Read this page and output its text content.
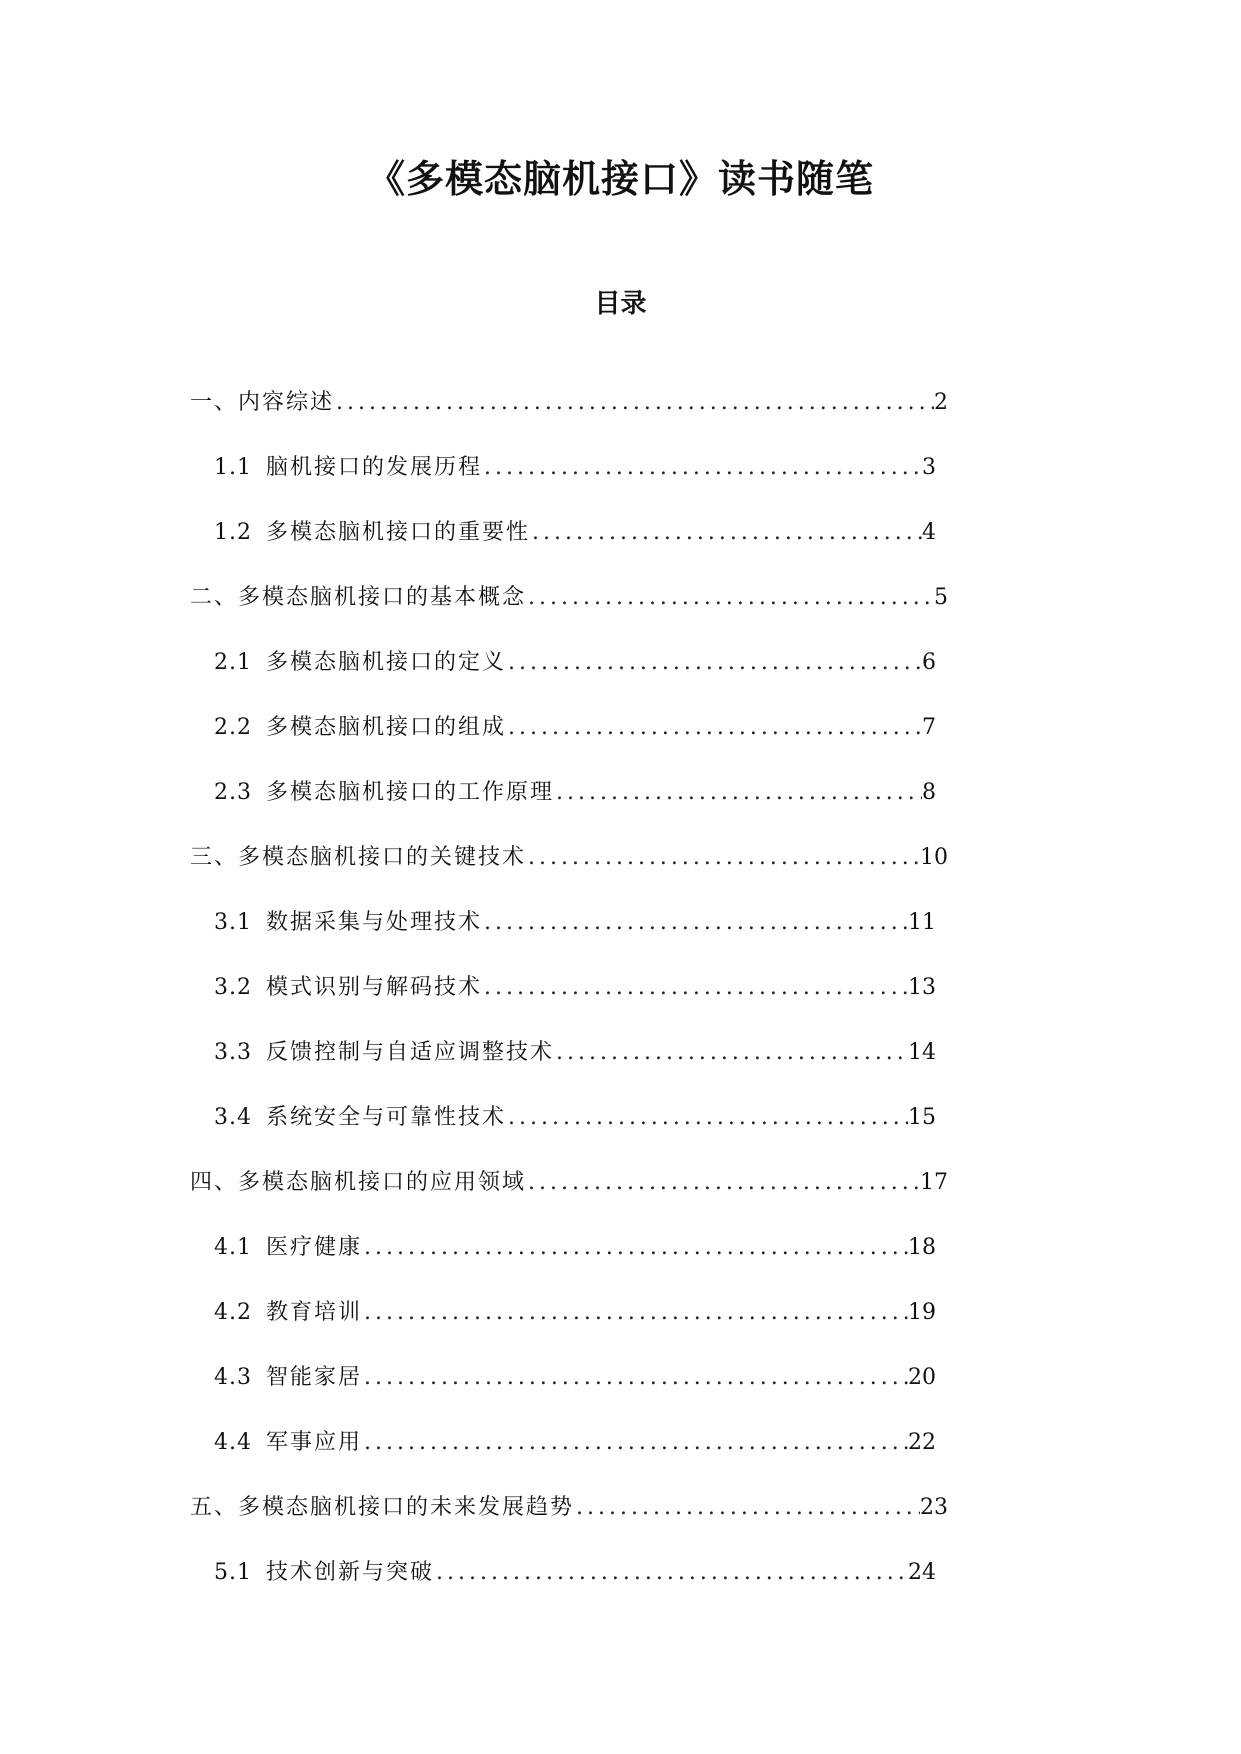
《多模态脑机接口》读书随笔
目录
一、内容综述 .....	2
1.1 脑机接口的发展历程 .....	3
1.2 多模态脑机接口的重要性 .....	4
二、多模态脑机接口的基本概念 .....	5
2.1 多模态脑机接口的定义 .....	6
2.2 多模态脑机接口的组成 .....	7
2.3 多模态脑机接口的工作原理 .....	8
三、多模态脑机接口的关键技术 .....	10
3.1 数据采集与处理技术 .....	11
3.2 模式识别与解码技术 .....	13
3.3 反馈控制与自适应调整技术 .....	14
3.4 系统安全与可靠性技术 .....	15
四、多模态脑机接口的应用领域 .....	17
4.1 医疗健康 .....	18
4.2 教育培训 .....	19
4.3 智能家居 .....	20
4.4 军事应用 .....	22
五、多模态脑机接口的未来发展趋势 .....	23
5.1 技术创新与突破 .....	24
